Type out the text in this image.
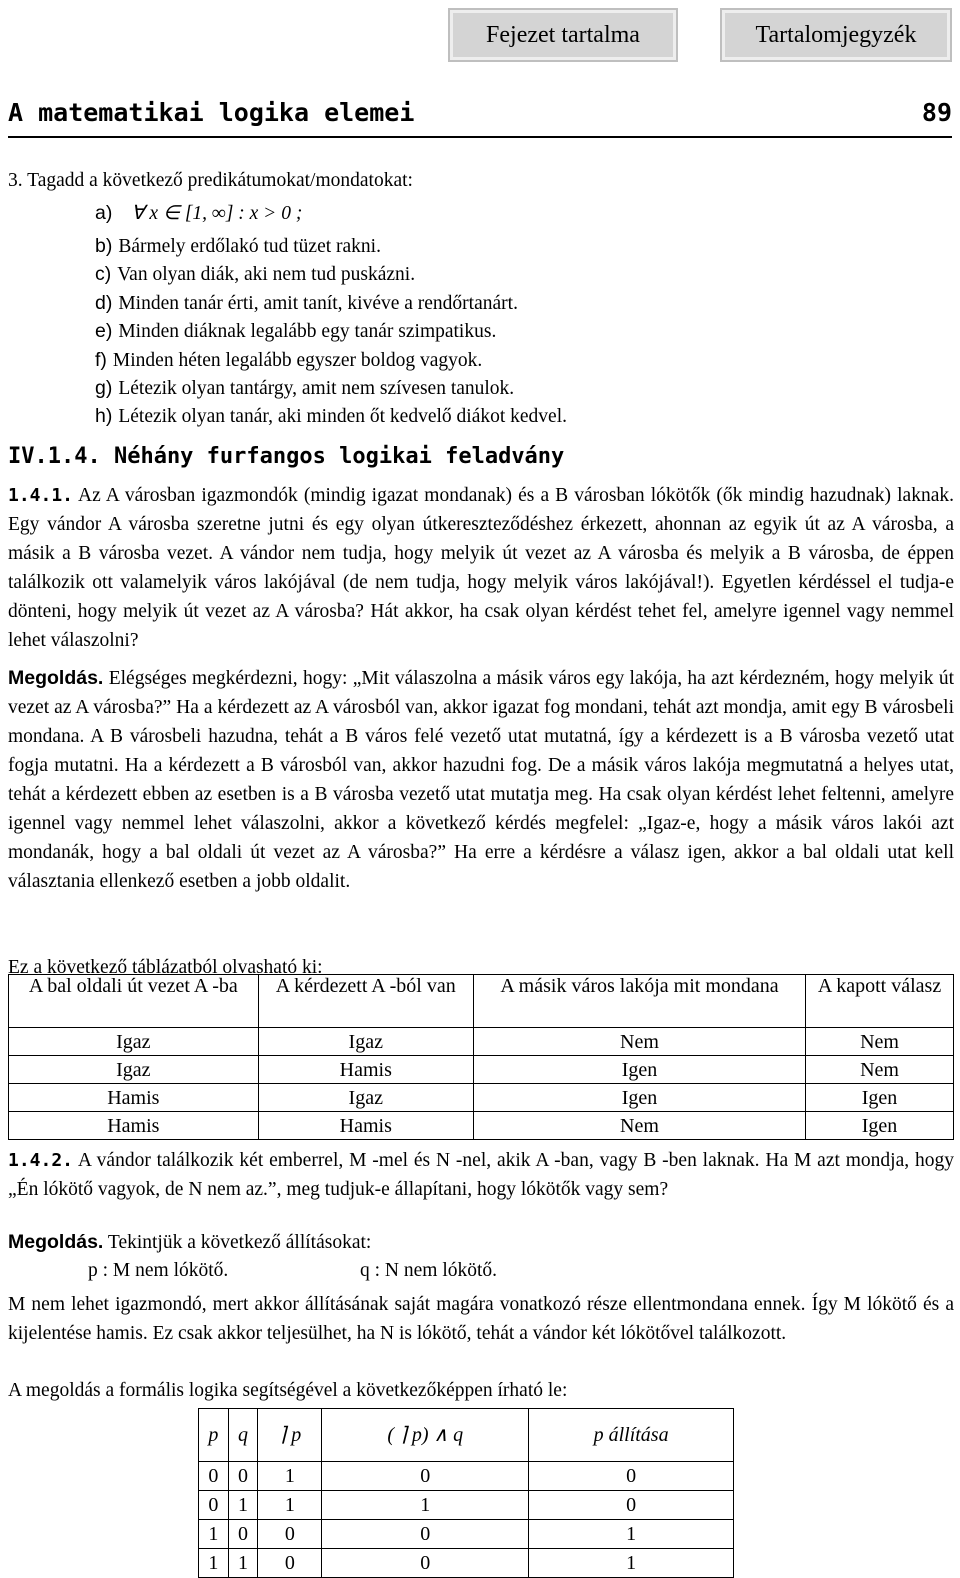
Fejezet tartalma	Tartalomjegyzék
A matematikai logika elemei	89
3. Tagadd a következő predikátumokat/mondatokat:
a) ∀ x ∈ [1, ∞] : x > 0 ;
b) Bármely erdőlakó tud tüzet rakni.
c) Van olyan diák, aki nem tud puskázni.
d) Minden tanár érti, amit tanít, kivéve a rendőrtanárt.
e) Minden diáknak legalább egy tanár szimpatikus.
f) Minden héten legalább egyszer boldog vagyok.
g) Létezik olyan tantárgy, amit nem szívesen tanulok.
h) Létezik olyan tanár, aki minden őt kedvelő diákot kedvel.
IV.1.4. Néhány furfangos logikai feladvány
1.4.1. Az A városban igazmondók (mindig igazat mondanak) és a B városban lókötők (ők mindig hazudnak) laknak. Egy vándor A városba szeretne jutni és egy olyan útkereszteződéshez érkezett, ahonnan az egyik út az A városba, a másik a B városba vezet. A vándor nem tudja, hogy melyik út vezet az A városba és melyik a B városba, de éppen találkozik ott valamelyik város lakójával (de nem tudja, hogy melyik város lakójával!). Egyetlen kérdéssel el tudja-e dönteni, hogy melyik út vezet az A városba? Hát akkor, ha csak olyan kérdést tehet fel, amelyre igennel vagy nemmel lehet válaszolni?
Megoldás. Elégséges megkérdezni, hogy: „Mit válaszolna a másik város egy lakója, ha azt kérdezném, hogy melyik út vezet az A városba?” Ha a kérdezett az A városból van, akkor igazat fog mondani, tehát azt mondja, amit egy B városbeli mondana. A B városbeli hazudna, tehát a B város felé vezető utat mutatná, így a kérdezett is a B városba vezető utat fogja mutatni. Ha a kérdezett a B városból van, akkor hazudni fog. De a másik város lakója megmutatná a helyes utat, tehát a kérdezett ebben az esetben is a B városba vezető utat mutatja meg. Ha csak olyan kérdést lehet feltenni, amelyre igennel vagy nemmel lehet válaszolni, akkor a következő kérdés megfelel: „Igaz-e, hogy a másik város lakói azt mondanák, hogy a bal oldali út vezet az A városba?” Ha erre a kérdésre a válasz igen, akkor a bal oldali utat kell választania ellenkező esetben a jobb oldalit.
Ez a következő táblázatból olvasható ki:
A bal oldali út vezet A -ba	A kérdezett A -ból van	A másik város lakója mit mondana	A kapott válasz
Igaz	Igaz	Nem	Nem
Igaz	Hamis	Igen	Nem
Hamis	Igaz	Igen	Igen
Hamis	Hamis	Nem	Igen
1.4.2. A vándor találkozik két emberrel, M -mel és N -nel, akik A -ban, vagy B -ben laknak. Ha M azt mondja, hogy „Én lókötő vagyok, de N nem az.”, meg tudjuk-e állapítani, hogy lókötők vagy sem?
Megoldás. Tekintjük a következő állításokat:
p : M nem lókötő.	q : N nem lókötő.
M nem lehet igazmondó, mert akkor állításának saját magára vonatkozó része ellentmondana ennek. Így M lókötő és a kijelentése hamis. Ez csak akkor teljesülhet, ha N is lókötő, tehát a vándor két lókötővel találkozott.
A megoldás a formális logika segítségével a következőképpen írható le:
p	q	⌉ p	( ⌉ p) ∧ q	p állítása
0	0	1	0	0
0	1	1	1	0
1	0	0	0	1
1	1	0	0	1
